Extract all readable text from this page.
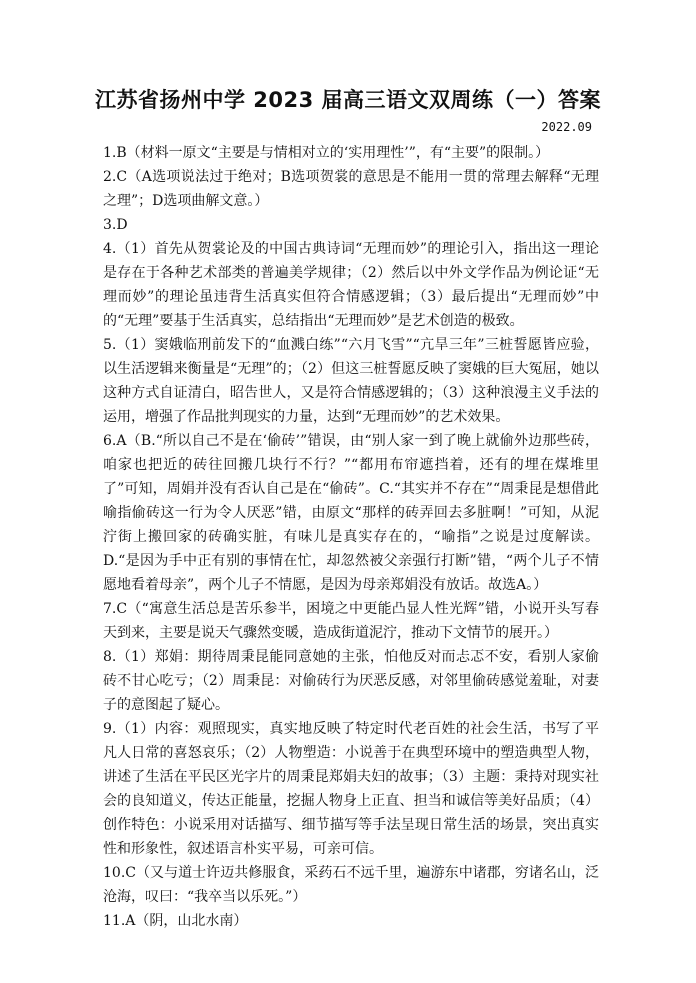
江苏省扬州中学 2023 届高三语文双周练（一）答案
2022.09

1.B（材料一原文“主要是与情相对立的‘实用理性’”，有“主要”的限制。）

2.C（A选项说法过于绝对；B选项贺裳的意思是不能用一贯的常理去解释“无理之理”；D选项曲解文意。）

3.D

4.（1）首先从贺裳论及的中国古典诗词“无理而妙”的理论引入，指出这一理论是存在于各种艺术部类的普遍美学规律；（2）然后以中外文学作品为例论证“无理而妙”的理论虽违背生活真实但符合情感逻辑；（3）最后提出“无理而妙”中的“无理”要基于生活真实，总结指出“无理而妙”是艺术创造的极致。

5.（1）窦娥临刑前发下的“血溅白练”“六月飞雪”“亢旱三年”三桩誓愿皆应验，以生活逻辑来衡量是“无理”的；（2）但这三桩誓愿反映了窦娥的巨大冤屈，她以这种方式自证清白，昭告世人，又是符合情感逻辑的；（3）这种浪漫主义手法的运用，增强了作品批判现实的力量，达到“无理而妙”的艺术效果。

6.A（B.“所以自己不是在‘偷砖’”错误，由“别人家一到了晚上就偷外边那些砖，咱家也把近的砖往回搬几块行不行？”“都用布帘遮挡着，还有的埋在煤堆里了”可知，周娟并没有否认自己是在“偷砖”。C.“其实并不存在”“周秉昆是想借此喻指偷砖这一行为令人厌恶”错，由原文“那样的砖弄回去多脏啊！”可知，从泥泞街上搬回家的砖确实脏，有味儿是真实存在的，“喻指”之说是过度解读。D.“是因为手中正有别的事情在忙，却忽然被父亲强行打断”错，“两个儿子不情愿地看着母亲”，两个儿子不情愿，是因为母亲郑娟没有放话。故选A。）

7.C（“寓意生活总是苦乐参半，困境之中更能凸显人性光辉”错，小说开头写春天到来，主要是说天气骤然变暖，造成街道泥泞，推动下文情节的展开。）

8.（1）郑娟：期待周秉昆能同意她的主张，怕他反对而忐忑不安，看别人家偷砖不甘心吃亏；（2）周秉昆：对偷砖行为厌恶反感，对邻里偷砖感觉羞耻，对妻子的意图起了疑心。

9.（1）内容：观照现实，真实地反映了特定时代老百姓的社会生活，书写了平凡人日常的喜怒哀乐；（2）人物塑造：小说善于在典型环境中的塑造典型人物，讲述了生活在平民区光字片的周秉昆郑娟夫妇的故事；（3）主题：秉持对现实社会的良知道义，传达正能量，挖掘人物身上正直、担当和诚信等美好品质；（4）创作特色：小说采用对话描写、细节描写等手法呈现日常生活的场景，突出真实性和形象性，叙述语言朴实平易，可亲可信。

10.C（又与道士许迈共修服食，采药石不远千里，遍游东中诸郡，穷诸名山，泛沧海，叹曰：“我卒当以乐死。”）

11.A（阴，山北水南）
